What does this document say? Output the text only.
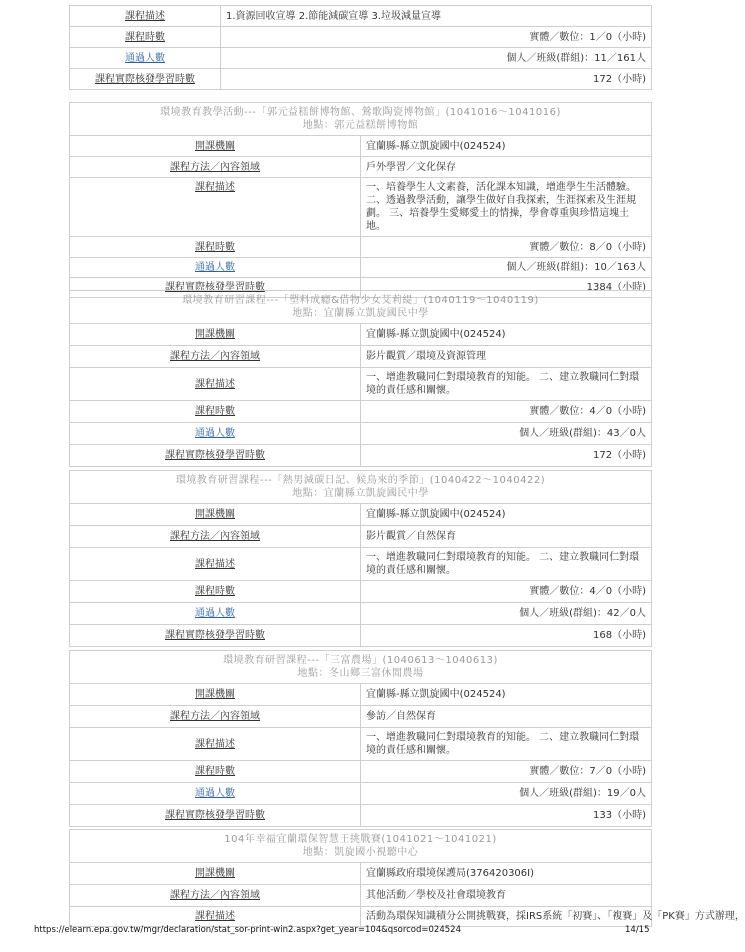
課程描述	1.資源回收宣導 2.節能減碳宣導 3.垃圾減量宣導
課程時數	實體／數位：1／0（小時)
通過人數	個人／班級(群組)：11／161人
課程實際核發學習時數	172（小時)
環境教育教學活動---「郭元益糕餅博物館、鶯歌陶瓷博物館」(1041016～1041016)
地點：郭元益糕餅博物館	

開課機關	宜蘭縣-縣立凱旋國中(024524)
課程方法／內容領域	戶外學習／文化保存
課程描述	一、培養學生人文素養，活化課本知識，增進學生生活體驗。 二、透過教學活動，讓學生做好自我探索，生涯探索及生涯規劃。 三、培養學生愛鄉愛土的情操，學會尊重與珍惜這塊土地。
課程時數	實體／數位：8／0（小時)
通過人數	個人／班級(群組)：10／163人
課程實際核發學習時數	1384（小時)
環境教育研習課程---「塑料成癮&借物少女艾莉緹」(1040119～1040119)
地點：宜蘭縣立凱旋國民中學	

開課機關	宜蘭縣-縣立凱旋國中(024524)
課程方法／內容領域	影片觀賞／環境及資源管理
課程描述	一、增進教職同仁對環境教育的知能。 二、建立教職同仁對環境的責任感和關懷。
課程時數	實體／數位：4／0（小時)
通過人數	個人／班級(群組)：43／0人
課程實際核發學習時數	172（小時)
環境教育研習課程---「熱男減碳日記、候鳥來的季節」(1040422～1040422)
地點：宜蘭縣立凱旋國民中學	

開課機關	宜蘭縣-縣立凱旋國中(024524)
課程方法／內容領域	影片觀賞／自然保育
課程描述	一、增進教職同仁對環境教育的知能。 二、建立教職同仁對環境的責任感和關懷。
課程時數	實體／數位：4／0（小時)
通過人數	個人／班級(群組)：42／0人
課程實際核發學習時數	168（小時)
環境教育研習課程---「三富農場」(1040613～1040613)
地點：冬山鄉三富休閒農場	

開課機關	宜蘭縣-縣立凱旋國中(024524)
課程方法／內容領域	參訪／自然保育
課程描述	一、增進教職同仁對環境教育的知能。 二、建立教職同仁對環境的責任感和關懷。
課程時數	實體／數位：7／0（小時)
通過人數	個人／班級(群組)：19／0人
課程實際核發學習時數	133（小時)
104年幸福宜蘭環保智慧王挑戰賽(1041021～1041021)
地點：凱旋國小視聽中心	

開課機關	宜蘭縣政府環境保護局(376420306I)
課程方法／內容領域	其他活動／學校及社會環境教育
課程描述	活動為環保知識積分公開挑戰賽，採IRS系統「初賽」、「複賽」及「PK賽」方式辦理，
https://elearn.epa.gov.tw/mgr/declaration/stat_sor-print-win2.aspx?get_year=104&qsorcod=024524	14/15
